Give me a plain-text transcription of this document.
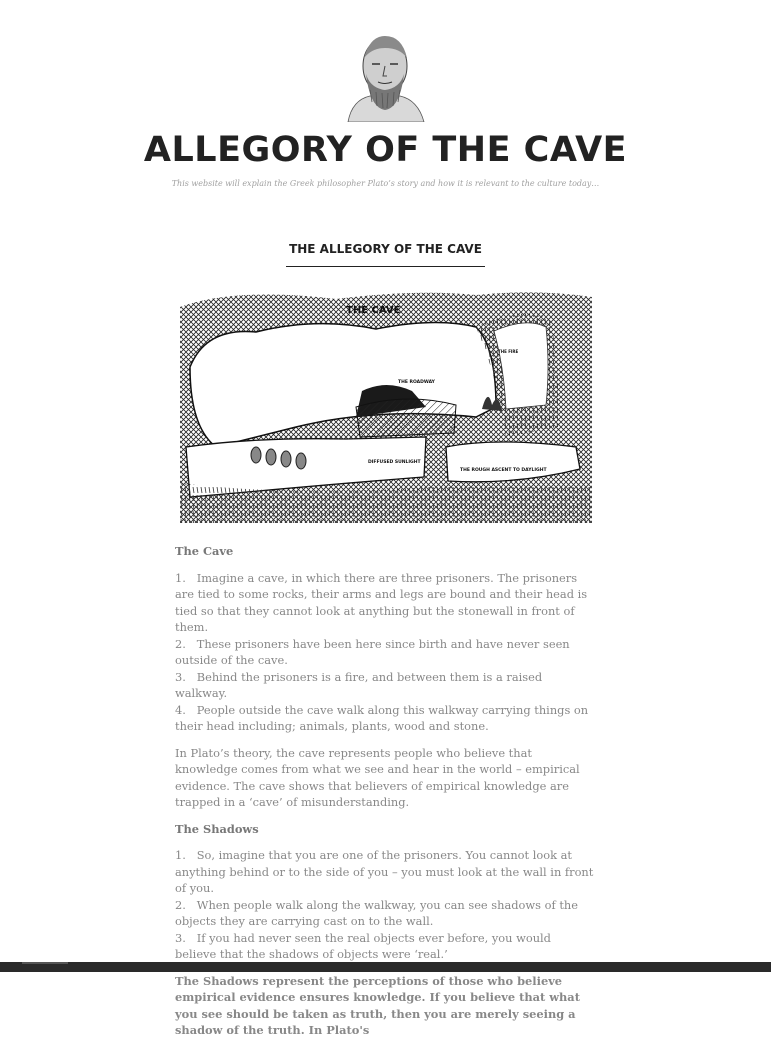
ALLEGORY OF THE CAVE

This website will explain the Greek philosopher Plato’s story and how it is relevant to the culture today…

THE ALLEGORY OF THE CAVE
THE CAVE
THE FIRE
THE ROADWAY
DIFFUSED SUNLIGHT
THE ROUGH ASCENT TO DAYLIGHT
The Cave

1.   Imagine a cave, in which there are three prisoners. The prisoners are tied to some rocks, their arms and legs are bound and their head is tied so that they cannot look at anything but the stonewall in front of them.
2.   These prisoners have been here since birth and have never seen outside of the cave.
3.   Behind the prisoners is a fire, and between them is a raised walkway.
4.   People outside the cave walk along this walkway carrying things on their head including; animals, plants, wood and stone.

In Plato’s theory, the cave represents people who believe that knowledge comes from what we see and hear in the world – empirical evidence. The cave shows that believers of empirical knowledge are trapped in a ‘cave’ of misunderstanding.

The Shadows

1.   So, imagine that you are one of the prisoners. You cannot look at anything behind or to the side of you – you must look at the wall in front of you.
2.   When people walk along the walkway, you can see shadows of the objects they are carrying cast on to the wall.
3.   If you had never seen the real objects ever before, you would believe that the shadows of objects were ‘real.’

The Shadows represent the perceptions of those who believe empirical evidence ensures knowledge. If you believe that what you see should be taken as truth, then you are merely seeing a shadow of the truth. In Plato's
